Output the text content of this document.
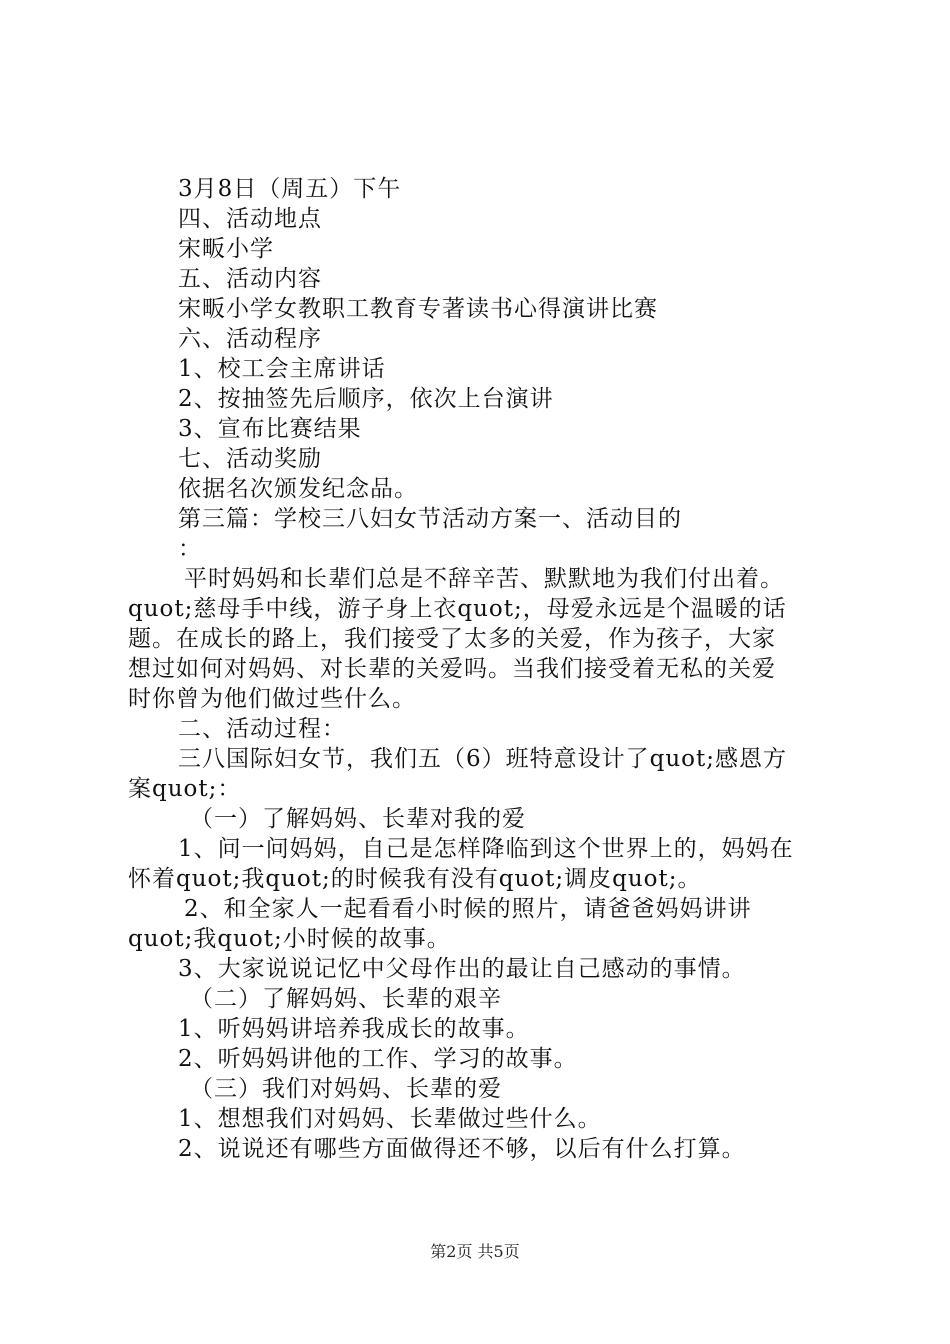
3月8日（周五）下午
四、活动地点
宋畈小学
五、活动内容
宋畈小学女教职工教育专著读书心得演讲比赛
六、活动程序
1、校工会主席讲话
2、按抽签先后顺序，依次上台演讲
3、宣布比赛结果
七、活动奖励
依据名次颁发纪念品。
第三篇：学校三八妇女节活动方案一、活动目的
：
平时妈妈和长辈们总是不辞辛苦、默默地为我们付出着。
quot;慈母手中线，游子身上衣quot;，母爱永远是个温暖的话
题。在成长的路上，我们接受了太多的关爱，作为孩子，大家
想过如何对妈妈、对长辈的关爱吗。当我们接受着无私的关爱
时你曾为他们做过些什么。
二、活动过程：
三八国际妇女节，我们五（6）班特意设计了quot;感恩方
案quot;：
（一）了解妈妈、长辈对我的爱
1、问一问妈妈，自己是怎样降临到这个世界上的，妈妈在
怀着quot;我quot;的时候我有没有quot;调皮quot;。
2、和全家人一起看看小时候的照片，请爸爸妈妈讲讲
quot;我quot;小时候的故事。
3、大家说说记忆中父母作出的最让自己感动的事情。
（二）了解妈妈、长辈的艰辛
1、听妈妈讲培养我成长的故事。
2、听妈妈讲他的工作、学习的故事。
（三）我们对妈妈、长辈的爱
1、想想我们对妈妈、长辈做过些什么。
2、说说还有哪些方面做得还不够，以后有什么打算。
第2页 共5页
